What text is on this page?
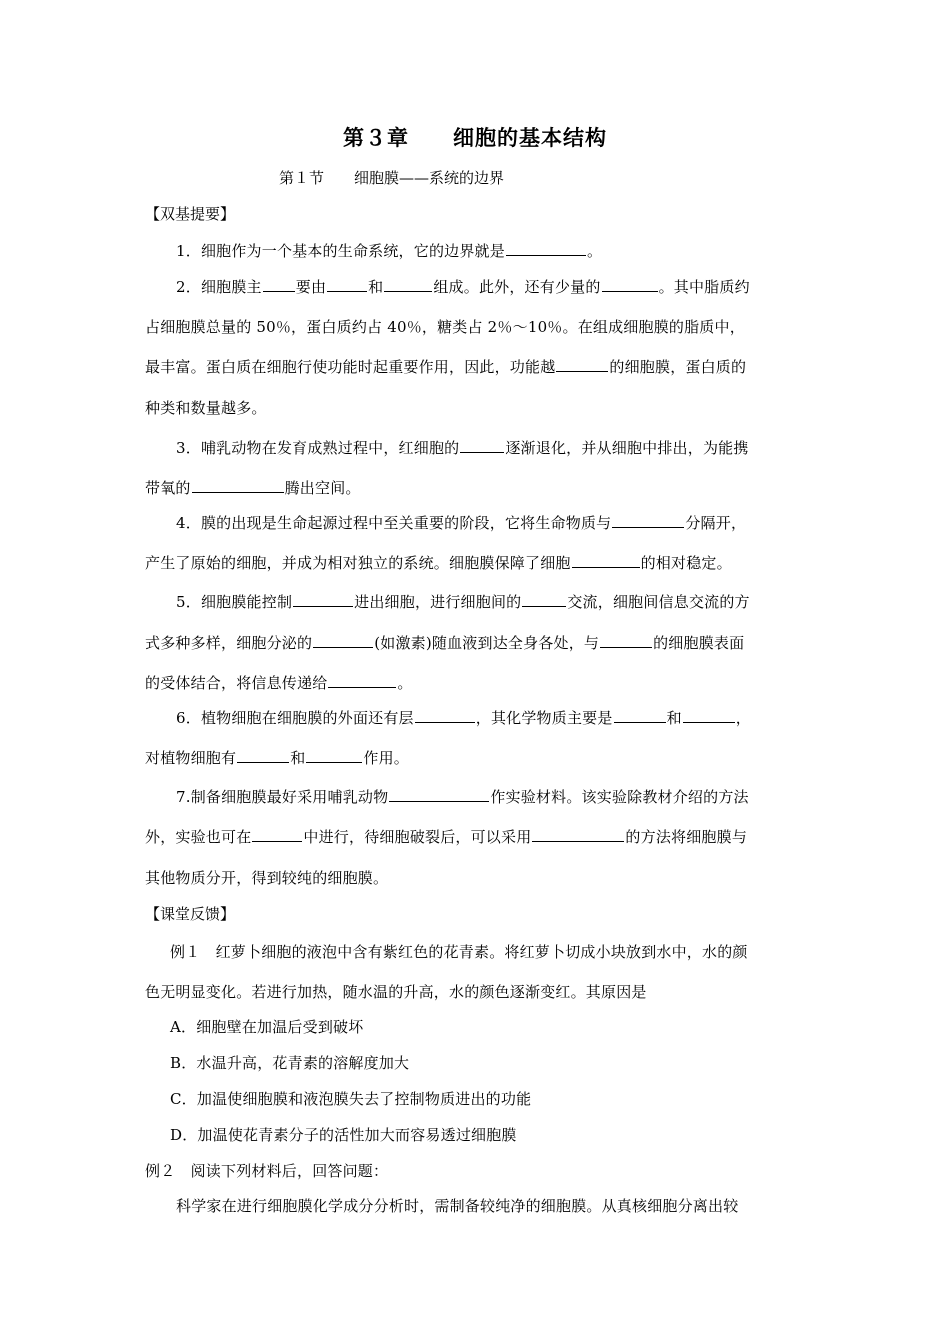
第３章　　细胞的基本结构
第１节　　细胞膜——系统的边界
【双基提要】
1．细胞作为一个基本的生命系统，它的边界就是	。
2．细胞膜主 要由	和	组成。此外，还有少量的	。其中脂质约
占细胞膜总量的 50％，蛋白质约占 40％，糖类占 2％～10％。在组成细胞膜的脂质中，
最丰富。蛋白质在细胞行使功能时起重要作用，因此，功能越	的细胞膜，蛋白质的
种类和数量越多。
3．哺乳动物在发育成熟过程中，红细胞的	逐渐退化，并从细胞中排出，为能携
带氧的	腾出空间。
4．膜的出现是生命起源过程中至关重要的阶段，它将生命物质与	分隔开，
产生了原始的细胞，并成为相对独立的系统。细胞膜保障了细胞	的相对稳定。
5．细胞膜能控制	进出细胞，进行细胞间的	交流，细胞间信息交流的方
式多种多样，细胞分泌的	(如激素)随血液到达全身各处，与	的细胞膜表面
的受体结合，将信息传递给	。
6．植物细胞在细胞膜的外面还有层	，其化学物质主要是	和	，
对植物细胞有	和	作用。
7.制备细胞膜最好采用哺乳动物	作实验材料。该实验除教材介绍的方法
外，实验也可在	中进行，待细胞破裂后，可以采用	的方法将细胞膜与
其他物质分开，得到较纯的细胞膜。
【课堂反馈】
例１　红萝卜细胞的液泡中含有紫红色的花青素。将红萝卜切成小块放到水中，水的颜
色无明显变化。若进行加热，随水温的升高，水的颜色逐渐变红。其原因是
A．细胞壁在加温后受到破坏
B．水温升高，花青素的溶解度加大
C．加温使细胞膜和液泡膜失去了控制物质进出的功能
D．加温使花青素分子的活性加大而容易透过细胞膜
例２　阅读下列材料后，回答问题：
科学家在进行细胞膜化学成分分析时，需制备较纯净的细胞膜。从真核细胞分离出较
